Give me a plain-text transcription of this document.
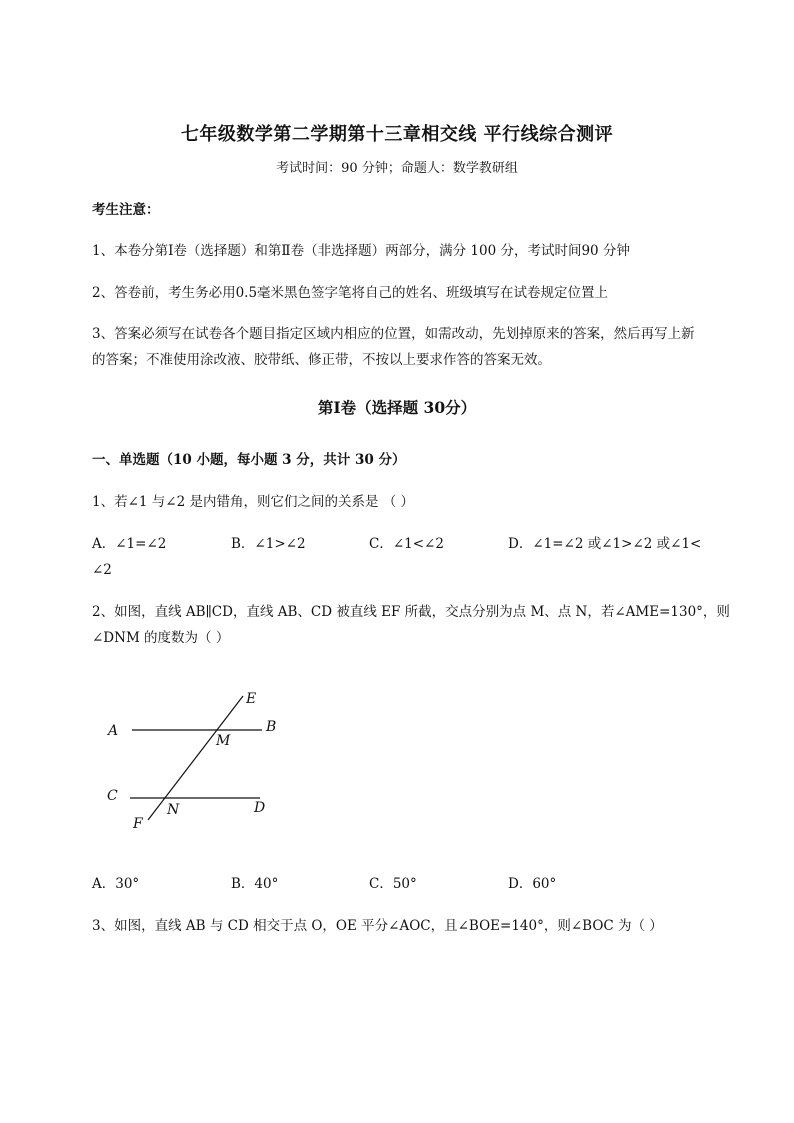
七年级数学第二学期第十三章相交线 平行线综合测评
考试时间：90 分钟；命题人：数学教研组
考生注意：
1、本卷分第Ⅰ卷（选择题）和第Ⅱ卷（非选择题）两部分，满分 100 分，考试时间90 分钟
2、答卷前，考生务必用0.5毫米黑色签字笔将自己的姓名、班级填写在试卷规定位置上
3、答案必须写在试卷各个题目指定区域内相应的位置，如需改动，先划掉原来的答案，然后再写上新
的答案；不准使用涂改液、胶带纸、修正带，不按以上要求作答的答案无效。
第Ⅰ卷（选择题 30分）
一、单选题（10 小题，每小题 3 分，共计 30 分）
1、若∠1 与∠2 是内错角，则它们之间的关系是 （ ）
A．∠1=∠2	B．∠1>∠2	C．∠1<∠2	D．∠1=∠2 或∠1>∠2 或∠1<
∠2
2、如图，直线 AB∥CD，直线 AB、CD 被直线 EF 所截，交点分别为点 M、点 N，若∠AME=130°，则
∠DNM 的度数为（ ）
A	B
C
D
E
F
M
N
A．30°	B．40°	C．50°	D．60°
3、如图，直线 AB 与 CD 相交于点 O，OE 平分∠AOC，且∠BOE=140°，则∠BOC 为（ ）
